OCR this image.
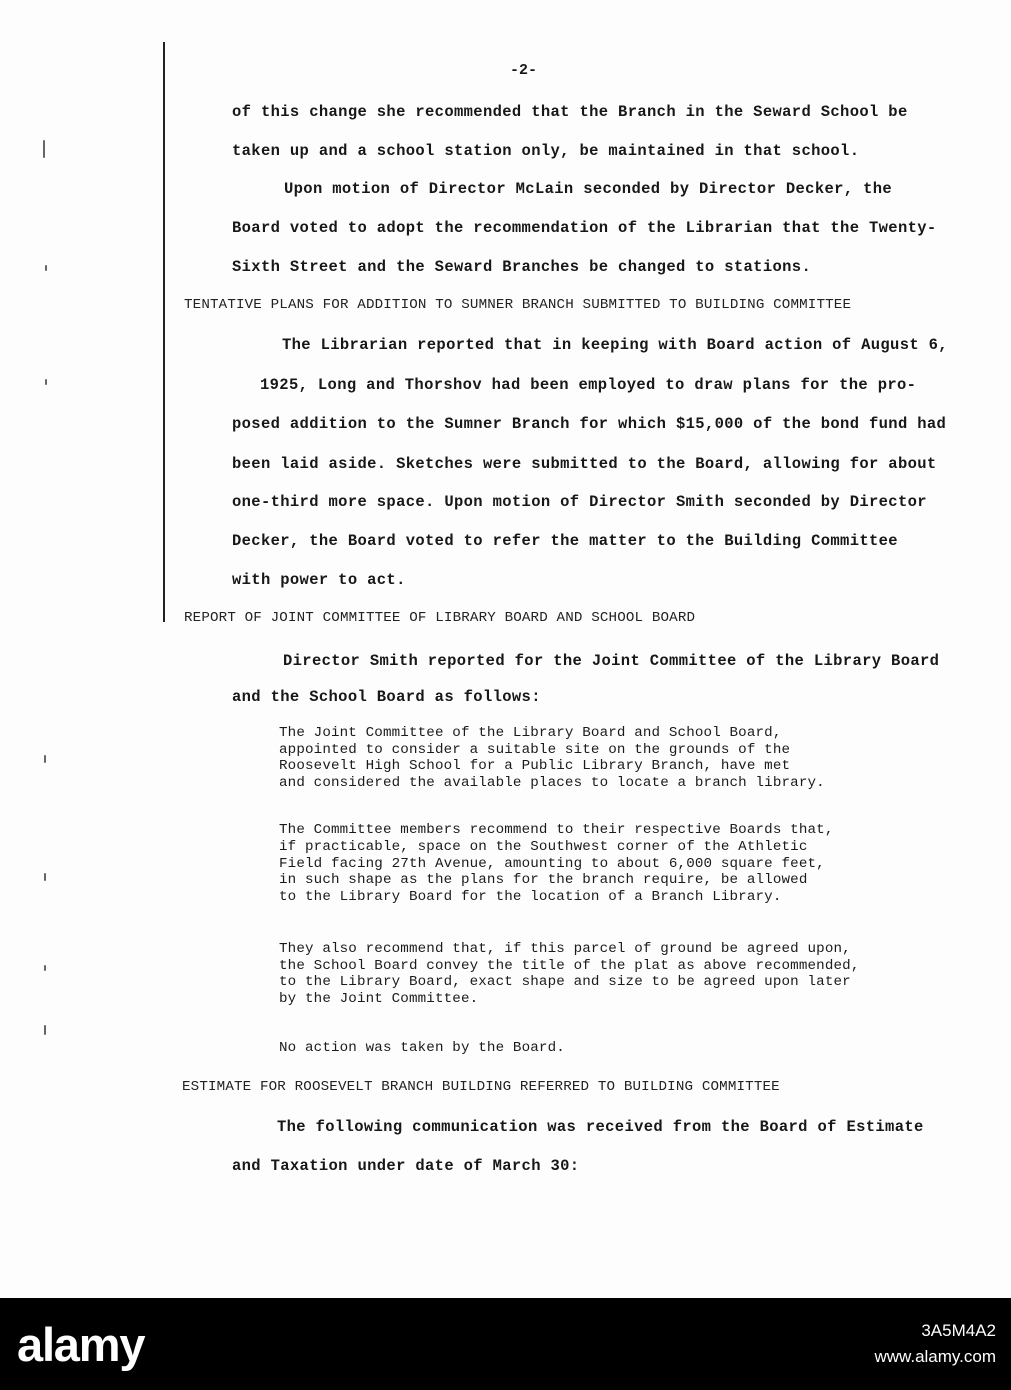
-2-
of this change she recommended that the Branch in the Seward School be
taken up and a school station only, be maintained in that school.
Upon motion of Director McLain seconded by Director Decker, the
Board voted to adopt the recommendation of the Librarian that the Twenty-
Sixth Street and the Seward Branches be changed to stations.
TENTATIVE PLANS FOR ADDITION TO SUMNER BRANCH SUBMITTED TO BUILDING COMMITTEE
The Librarian reported that in keeping with Board action of August 6,
1925, Long and Thorshov had been employed to draw plans for the pro-
posed addition to the Sumner Branch for which $15,000 of the bond fund had
been laid aside. Sketches were submitted to the Board, allowing for about
one-third more space. Upon motion of Director Smith seconded by Director
Decker, the Board voted to refer the matter to the Building Committee
with power to act.
REPORT OF JOINT COMMITTEE OF LIBRARY BOARD AND SCHOOL BOARD
Director Smith reported for the Joint Committee of the Library Board
and the School Board as follows:
The Joint Committee of the Library Board and School Board,
appointed to consider a suitable site on the grounds of the
Roosevelt High School for a Public Library Branch, have met
and considered the available places to locate a branch library.
The Committee members recommend to their respective Boards that,
if practicable, space on the Southwest corner of the Athletic
Field facing 27th Avenue, amounting to about 6,000 square feet,
in such shape as the plans for the branch require, be allowed
to the Library Board for the location of a Branch Library.
They also recommend that, if this parcel of ground be agreed upon,
the School Board convey the title of the plat as above recommended,
to the Library Board, exact shape and size to be agreed upon later
by the Joint Committee.
No action was taken by the Board.
ESTIMATE FOR ROOSEVELT BRANCH BUILDING REFERRED TO BUILDING COMMITTEE
The following communication was received from the Board of Estimate
and Taxation under date of March 30:
alamy	3A5M4A2
www.alamy.com
